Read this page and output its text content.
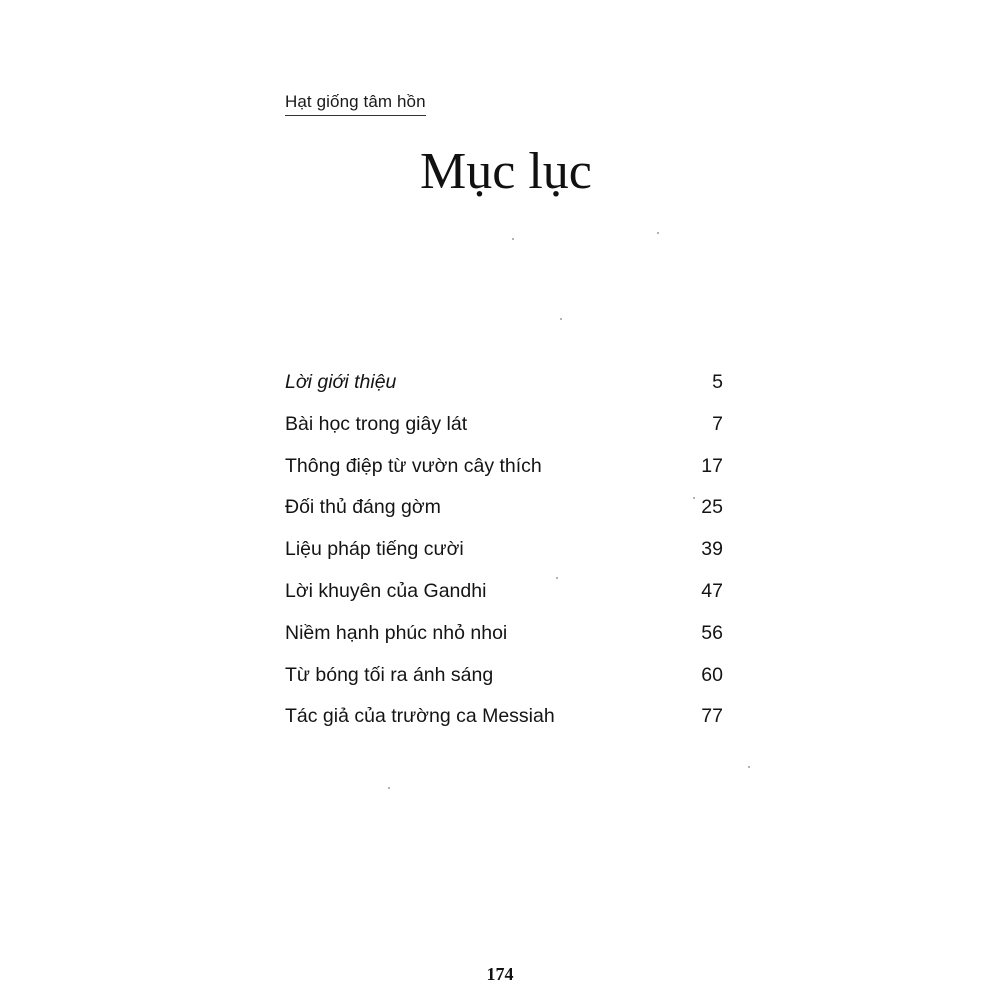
Hạt giống tâm hồn
Mục lục
Lời giới thiệu	5
Bài học trong giây lát	7
Thông điệp từ vườn cây thích	17
Đối thủ đáng gờm	25
Liệu pháp tiếng cười	39
Lời khuyên của Gandhi	47
Niềm hạnh phúc nhỏ nhoi	56
Từ bóng tối ra ánh sáng	60
Tác giả của trường ca Messiah	77
174
